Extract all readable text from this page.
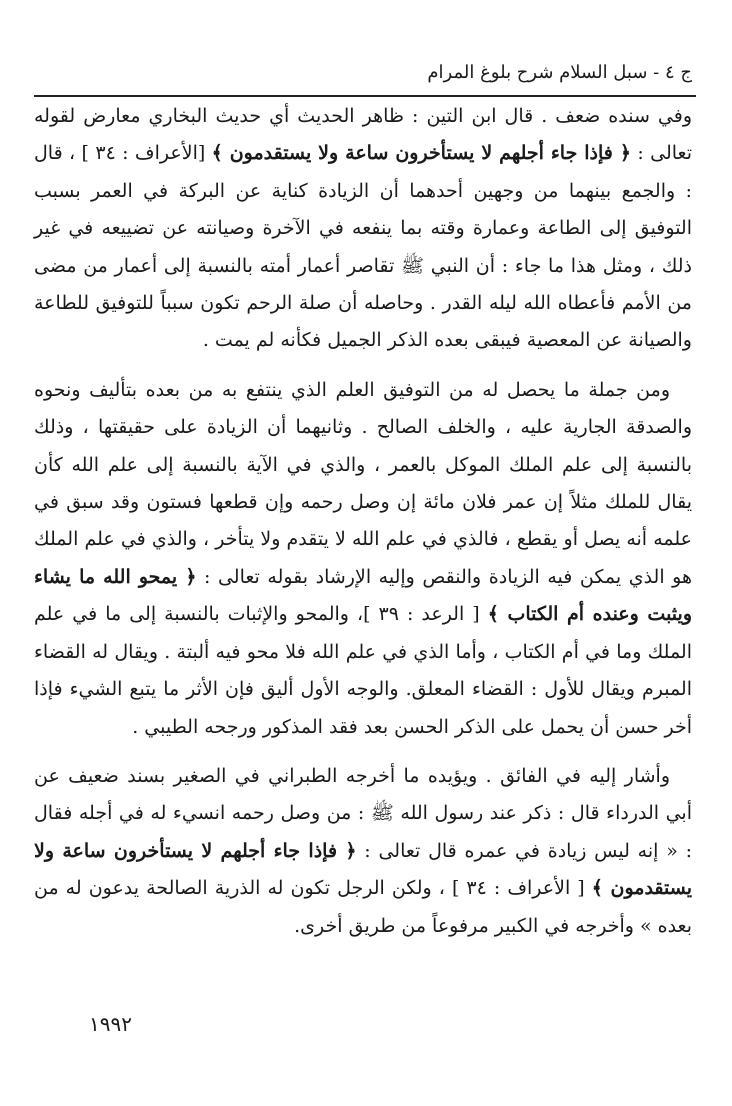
ج ٤ - سبل السلام شرح بلوغ المرام

وفي سنده ضعف . قال ابن التين : ظاهر الحديث أي حديث البخاري معارض لقوله تعالى : ﴿ فإذا جاء أجلهم لا يستأخرون ساعة ولا يستقدمون ﴾ [الأعراف : ٣٤ ] ، قال : والجمع بينهما من وجهين أحدهما أن الزيادة كناية عن البركة في العمر بسبب التوفيق إلى الطاعة وعمارة وقته بما ينفعه في الآخرة وصيانته عن تضييعه في غير ذلك ، ومثل هذا ما جاء : أن النبي ﷺ تقاصر أعمار أمته بالنسبة إلى أعمار من مضى من الأمم فأعطاه الله ليله القدر . وحاصله أن صلة الرحم تكون سبباً للتوفيق للطاعة والصيانة عن المعصية فيبقى بعده الذكر الجميل فكأنه لم يمت .

ومن جملة ما يحصل له من التوفيق العلم الذي ينتفع به من بعده بتأليف ونحوه والصدقة الجارية عليه ، والخلف الصالح . وثانيهما أن الزيادة على حقيقتها ، وذلك بالنسبة إلى علم الملك الموكل بالعمر ، والذي في الآية بالنسبة إلى علم الله كأن يقال للملك مثلاً إن عمر فلان مائة إن وصل رحمه وإن قطعها فستون وقد سبق في علمه أنه يصل أو يقطع ، فالذي في علم الله لا يتقدم ولا يتأخر ، والذي في علم الملك هو الذي يمكن فيه الزيادة والنقص وإليه الإرشاد بقوله تعالى : ﴿ يمحو الله ما يشاء ويثبت وعنده أم الكتاب ﴾ [ الرعد : ٣٩ ]، والمحو والإثبات بالنسبة إلى ما في علم الملك وما في أم الكتاب ، وأما الذي في علم الله فلا محو فيه ألبتة . ويقال له القضاء المبرم ويقال للأول : القضاء المعلق. والوجه الأول أليق فإن الأثر ما يتبع الشيء فإذا أخر حسن أن يحمل على الذكر الحسن بعد فقد المذكور ورجحه الطيبي .

وأشار إليه في الفائق . ويؤيده ما أخرجه الطبراني في الصغير بسند ضعيف عن أبي الدرداء قال : ذكر عند رسول الله ﷺ : من وصل رحمه انسيء له في أجله فقال : « إنه ليس زيادة في عمره قال تعالى : ﴿ فإذا جاء أجلهم لا يستأخرون ساعة ولا يستقدمون ﴾ [ الأعراف : ٣٤ ] ، ولكن الرجل تكون له الذرية الصالحة يدعون له من بعده » وأخرجه في الكبير مرفوعاً من طريق أخرى.

١٩٩٢
